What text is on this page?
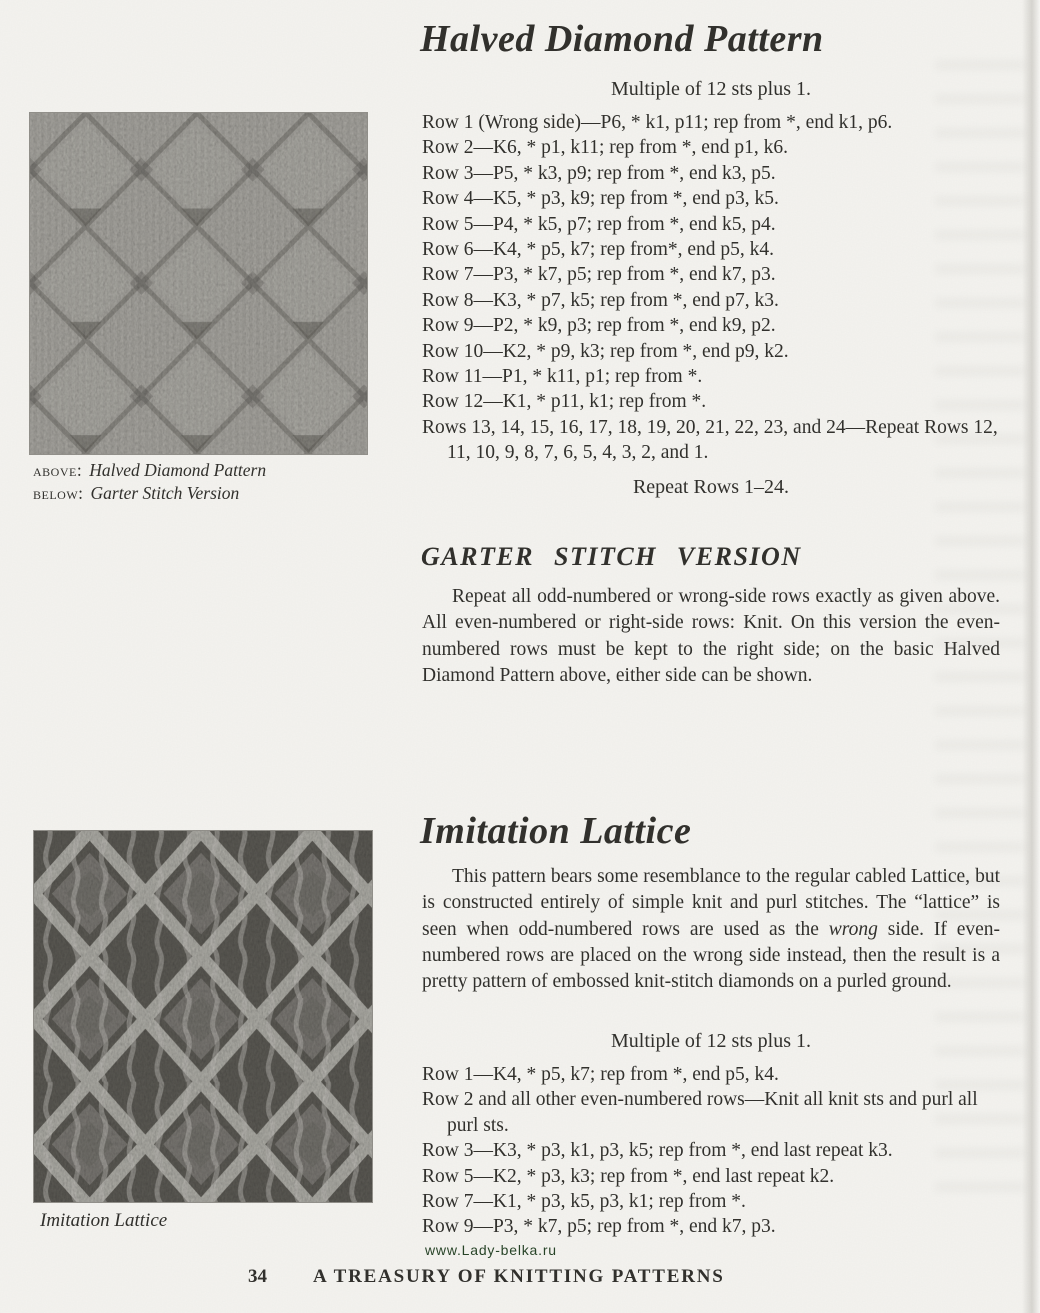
above: Halved Diamond Pattern
below: Garter Stitch Version
Halved Diamond Pattern
Multiple of 12 sts plus 1.
Row 1 (Wrong side)—P6, * k1, p11; rep from *, end k1, p6.
Row 2—K6, * p1, k11; rep from *, end p1, k6.
Row 3—P5, * k3, p9; rep from *, end k3, p5.
Row 4—K5, * p3, k9; rep from *, end p3, k5.
Row 5—P4, * k5, p7; rep from *, end k5, p4.
Row 6—K4, * p5, k7; rep from*, end p5, k4.
Row 7—P3, * k7, p5; rep from *, end k7, p3.
Row 8—K3, * p7, k5; rep from *, end p7, k3.
Row 9—P2, * k9, p3; rep from *, end k9, p2.
Row 10—K2, * p9, k3; rep from *, end p9, k2.
Row 11—P1, * k11, p1; rep from *.
Row 12—K1, * p11, k1; rep from *.
Rows 13, 14, 15, 16, 17, 18, 19, 20, 21, 22, 23, and 24—Repeat Rows 12, 11, 10, 9, 8, 7, 6, 5, 4, 3, 2, and 1.
Repeat Rows 1–24.
GARTER STITCH VERSION

Repeat all odd-numbered or wrong-side rows exactly as given above. All even-numbered or right-side rows: Knit. On this version the even-numbered rows must be kept to the right side; on the basic Halved Diamond Pattern above, either side can be shown.

Imitation Lattice

This pattern bears some resemblance to the regular cabled Lattice, but is constructed entirely of simple knit and purl stitches. The “lattice” is seen when odd-numbered rows are used as the wrong side. If even-numbered rows are placed on the wrong side instead, then the result is a pretty pattern of embossed knit-stitch diamonds on a purled ground.

Multiple of 12 sts plus 1.
Row 1—K4, * p5, k7; rep from *, end p5, k4.
Row 2 and all other even-numbered rows—Knit all knit sts and purl all purl sts.
Row 3—K3, * p3, k1, p3, k5; rep from *, end last repeat k3.
Row 5—K2, * p3, k3; rep from *, end last repeat k2.
Row 7—K1, * p3, k5, p3, k1; rep from *.
Row 9—P3, * k7, p5; rep from *, end k7, p3.
Imitation Lattice
www.Lady-belka.ru
34 A TREASURY OF KNITTING PATTERNS
